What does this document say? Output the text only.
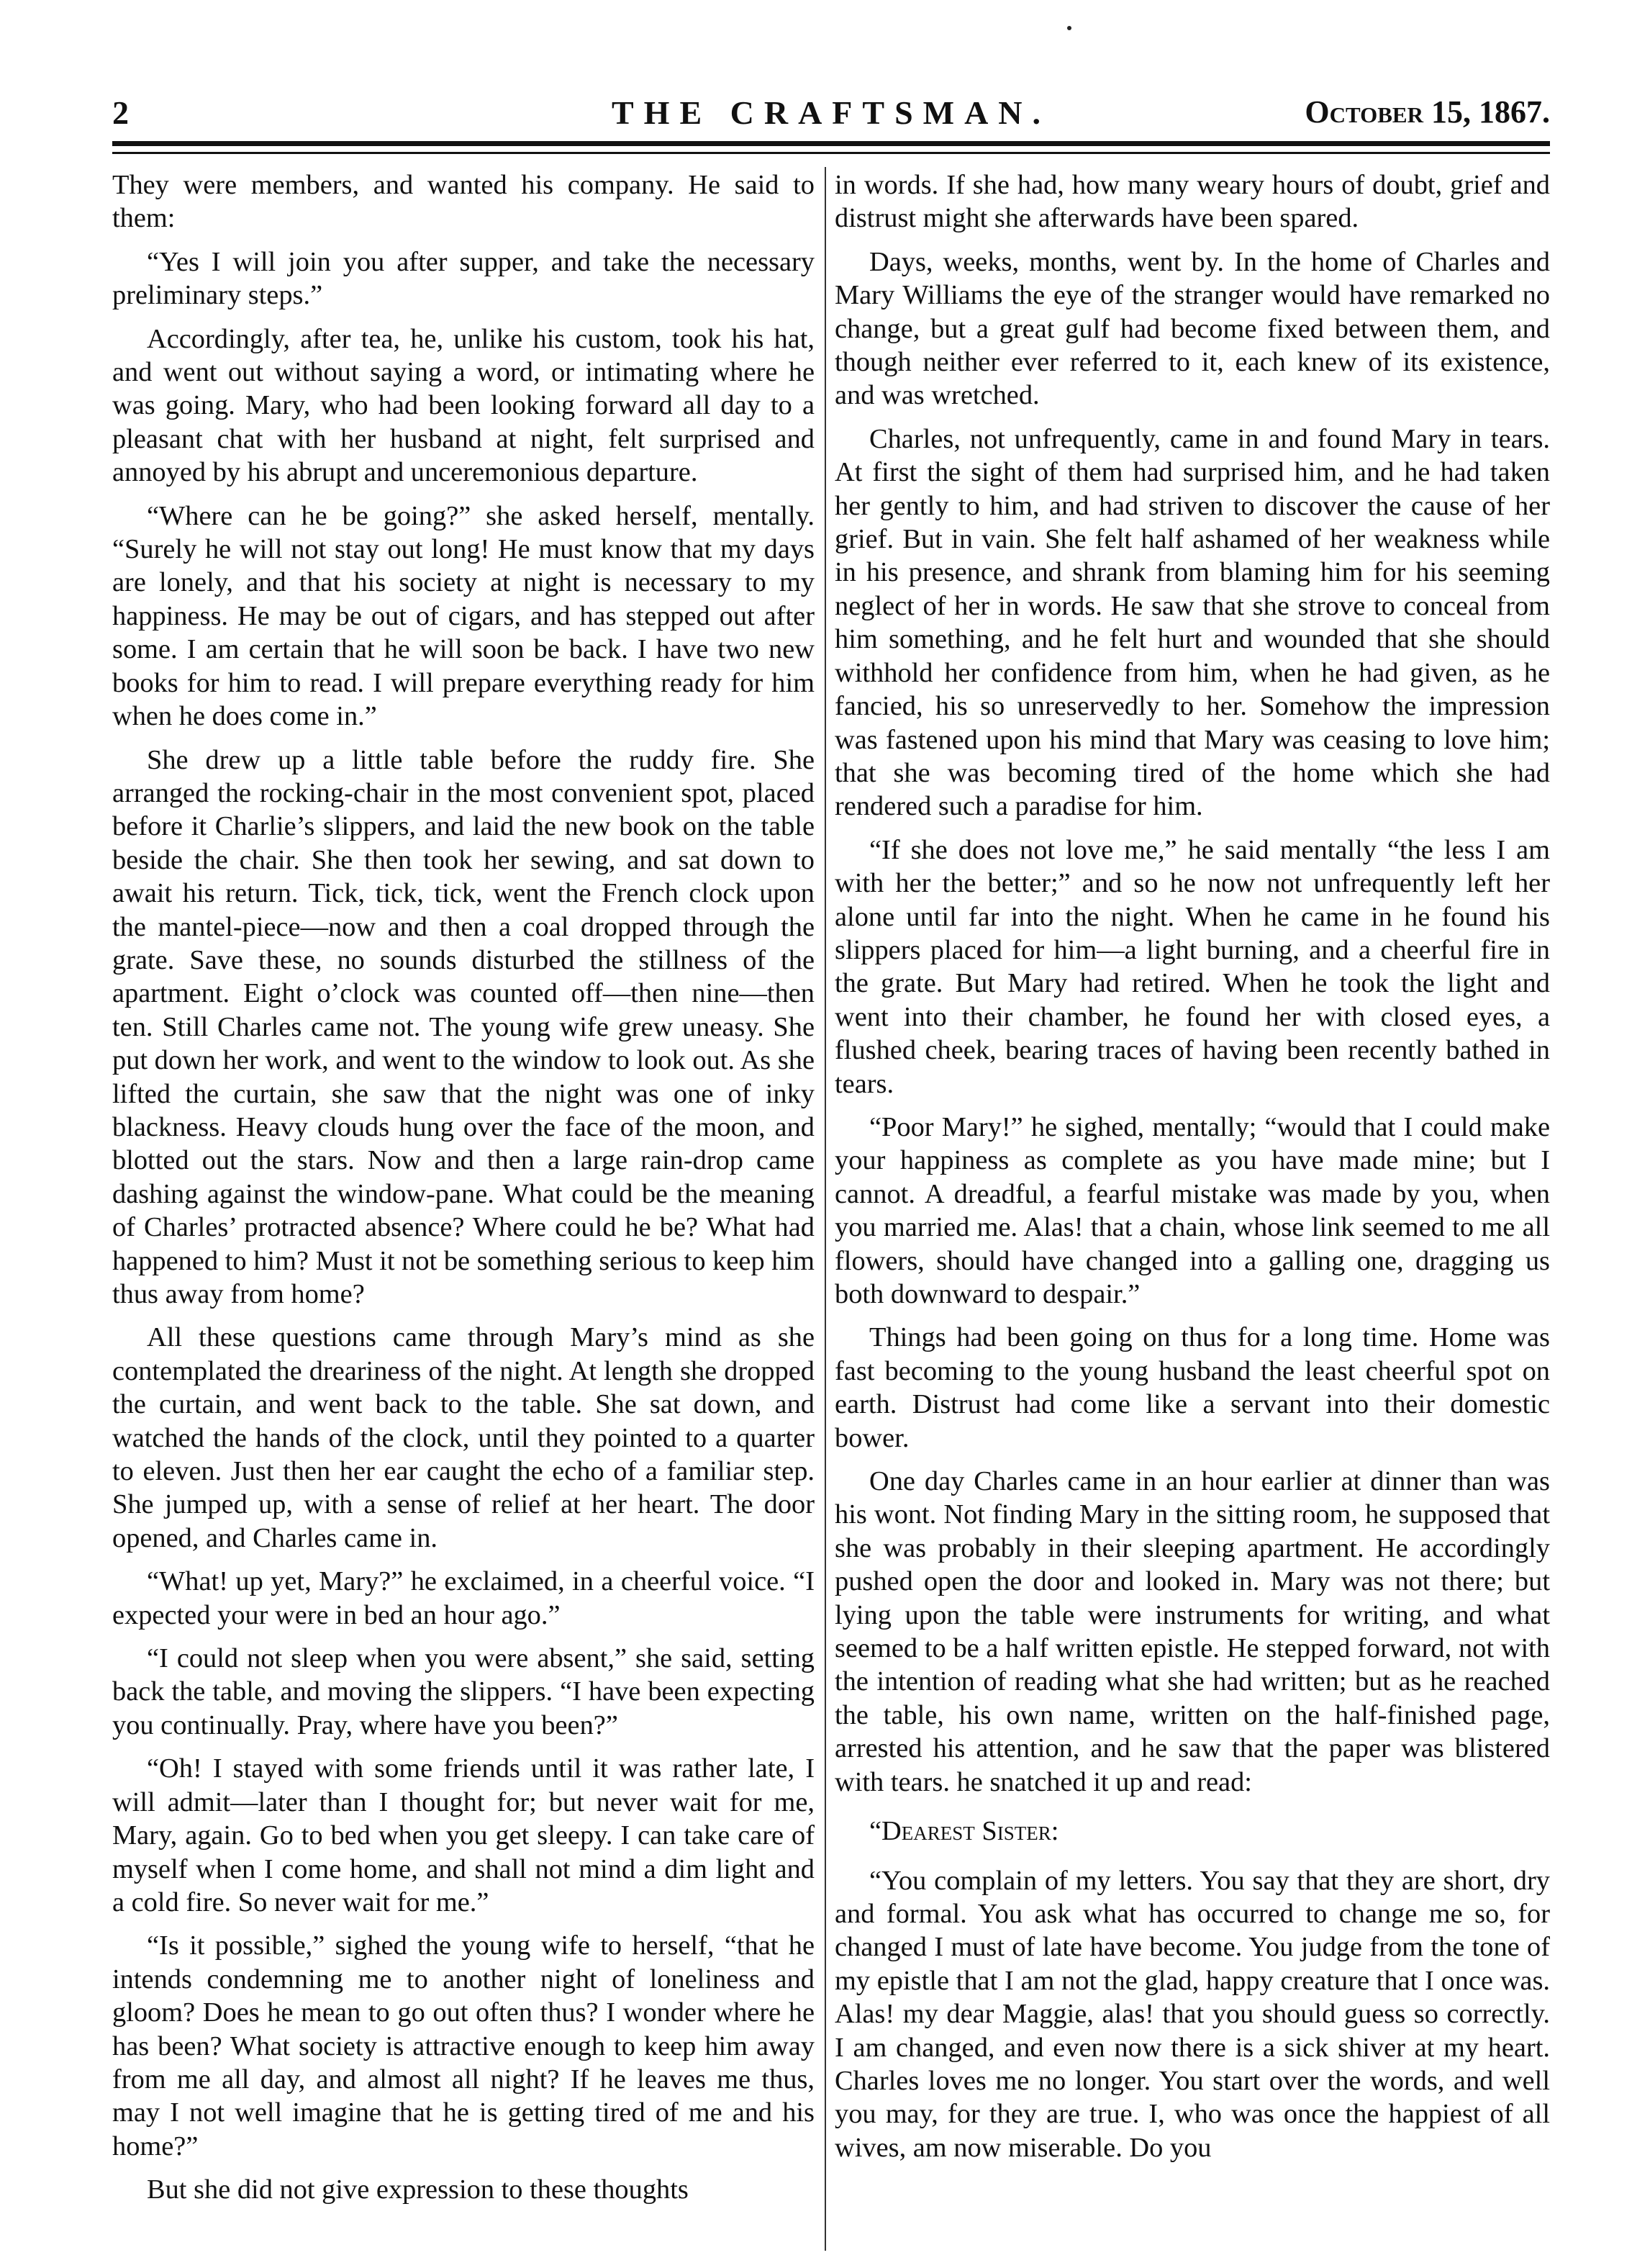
2	THE CRAFTSMAN.	October 15, 1867.

They were members, and wanted his company. He said to them:

“Yes I will join you after supper, and take the necessary preliminary steps.”

Accordingly, after tea, he, unlike his custom, took his hat, and went out without saying a word, or intimating where he was going. Mary, who had been looking forward all day to a pleasant chat with her husband at night, felt surprised and annoyed by his abrupt and unceremonious departure.

“Where can he be going?” she asked herself, mentally. “Surely he will not stay out long! He must know that my days are lonely, and that his society at night is necessary to my happiness. He may be out of cigars, and has stepped out after some. I am certain that he will soon be back. I have two new books for him to read. I will prepare everything ready for him when he does come in.”

She drew up a little table before the ruddy fire. She arranged the rocking-chair in the most convenient spot, placed before it Charlie’s slippers, and laid the new book on the table beside the chair. She then took her sewing, and sat down to await his return. Tick, tick, tick, went the French clock upon the mantel-piece—now and then a coal dropped through the grate. Save these, no sounds disturbed the stillness of the apartment. Eight o’clock was counted off—then nine—then ten. Still Charles came not. The young wife grew uneasy. She put down her work, and went to the window to look out. As she lifted the curtain, she saw that the night was one of inky blackness. Heavy clouds hung over the face of the moon, and blotted out the stars. Now and then a large rain-drop came dashing against the window-pane. What could be the meaning of Charles’ protracted absence? Where could he be? What had happened to him? Must it not be something serious to keep him thus away from home?

All these questions came through Mary’s mind as she contemplated the dreariness of the night. At length she dropped the curtain, and went back to the table. She sat down, and watched the hands of the clock, until they pointed to a quarter to eleven. Just then her ear caught the echo of a familiar step. She jumped up, with a sense of relief at her heart. The door opened, and Charles came in.

“What! up yet, Mary?” he exclaimed, in a cheerful voice. “I expected your were in bed an hour ago.”

“I could not sleep when you were absent,” she said, setting back the table, and moving the slippers. “I have been expecting you continually. Pray, where have you been?”

“Oh! I stayed with some friends until it was rather late, I will admit—later than I thought for; but never wait for me, Mary, again. Go to bed when you get sleepy. I can take care of myself when I come home, and shall not mind a dim light and a cold fire. So never wait for me.”

“Is it possible,” sighed the young wife to herself, “that he intends condemning me to another night of loneliness and gloom? Does he mean to go out often thus? I wonder where he has been? What society is attractive enough to keep him away from me all day, and almost all night? If he leaves me thus, may I not well imagine that he is getting tired of me and his home?”

But she did not give expression to these thoughts

in words. If she had, how many weary hours of doubt, grief and distrust might she afterwards have been spared.

Days, weeks, months, went by. In the home of Charles and Mary Williams the eye of the stranger would have remarked no change, but a great gulf had become fixed between them, and though neither ever referred to it, each knew of its existence, and was wretched.

Charles, not unfrequently, came in and found Mary in tears. At first the sight of them had surprised him, and he had taken her gently to him, and had striven to discover the cause of her grief. But in vain. She felt half ashamed of her weakness while in his presence, and shrank from blaming him for his seeming neglect of her in words. He saw that she strove to conceal from him something, and he felt hurt and wounded that she should withhold her confidence from him, when he had given, as he fancied, his so unreservedly to her. Somehow the impression was fastened upon his mind that Mary was ceasing to love him; that she was becoming tired of the home which she had rendered such a paradise for him.

“If she does not love me,” he said mentally “the less I am with her the better;” and so he now not unfrequently left her alone until far into the night. When he came in he found his slippers placed for him—a light burning, and a cheerful fire in the grate. But Mary had retired. When he took the light and went into their chamber, he found her with closed eyes, a flushed cheek, bearing traces of having been recently bathed in tears.

“Poor Mary!” he sighed, mentally; “would that I could make your happiness as complete as you have made mine; but I cannot. A dreadful, a fearful mistake was made by you, when you married me. Alas! that a chain, whose link seemed to me all flowers, should have changed into a galling one, dragging us both downward to despair.”

Things had been going on thus for a long time. Home was fast becoming to the young husband the least cheerful spot on earth. Distrust had come like a servant into their domestic bower.

One day Charles came in an hour earlier at dinner than was his wont. Not finding Mary in the sitting room, he supposed that she was probably in their sleeping apartment. He accordingly pushed open the door and looked in. Mary was not there; but lying upon the table were instruments for writing, and what seemed to be a half written epistle. He stepped forward, not with the intention of reading what she had written; but as he reached the table, his own name, written on the half-finished page, arrested his attention, and he saw that the paper was blistered with tears. he snatched it up and read:

“Dearest Sister:

“You complain of my letters. You say that they are short, dry and formal. You ask what has occurred to change me so, for changed I must of late have become. You judge from the tone of my epistle that I am not the glad, happy creature that I once was. Alas! my dear Maggie, alas! that you should guess so correctly. I am changed, and even now there is a sick shiver at my heart. Charles loves me no longer. You start over the words, and well you may, for they are true. I, who was once the happiest of all wives, am now miserable. Do you
